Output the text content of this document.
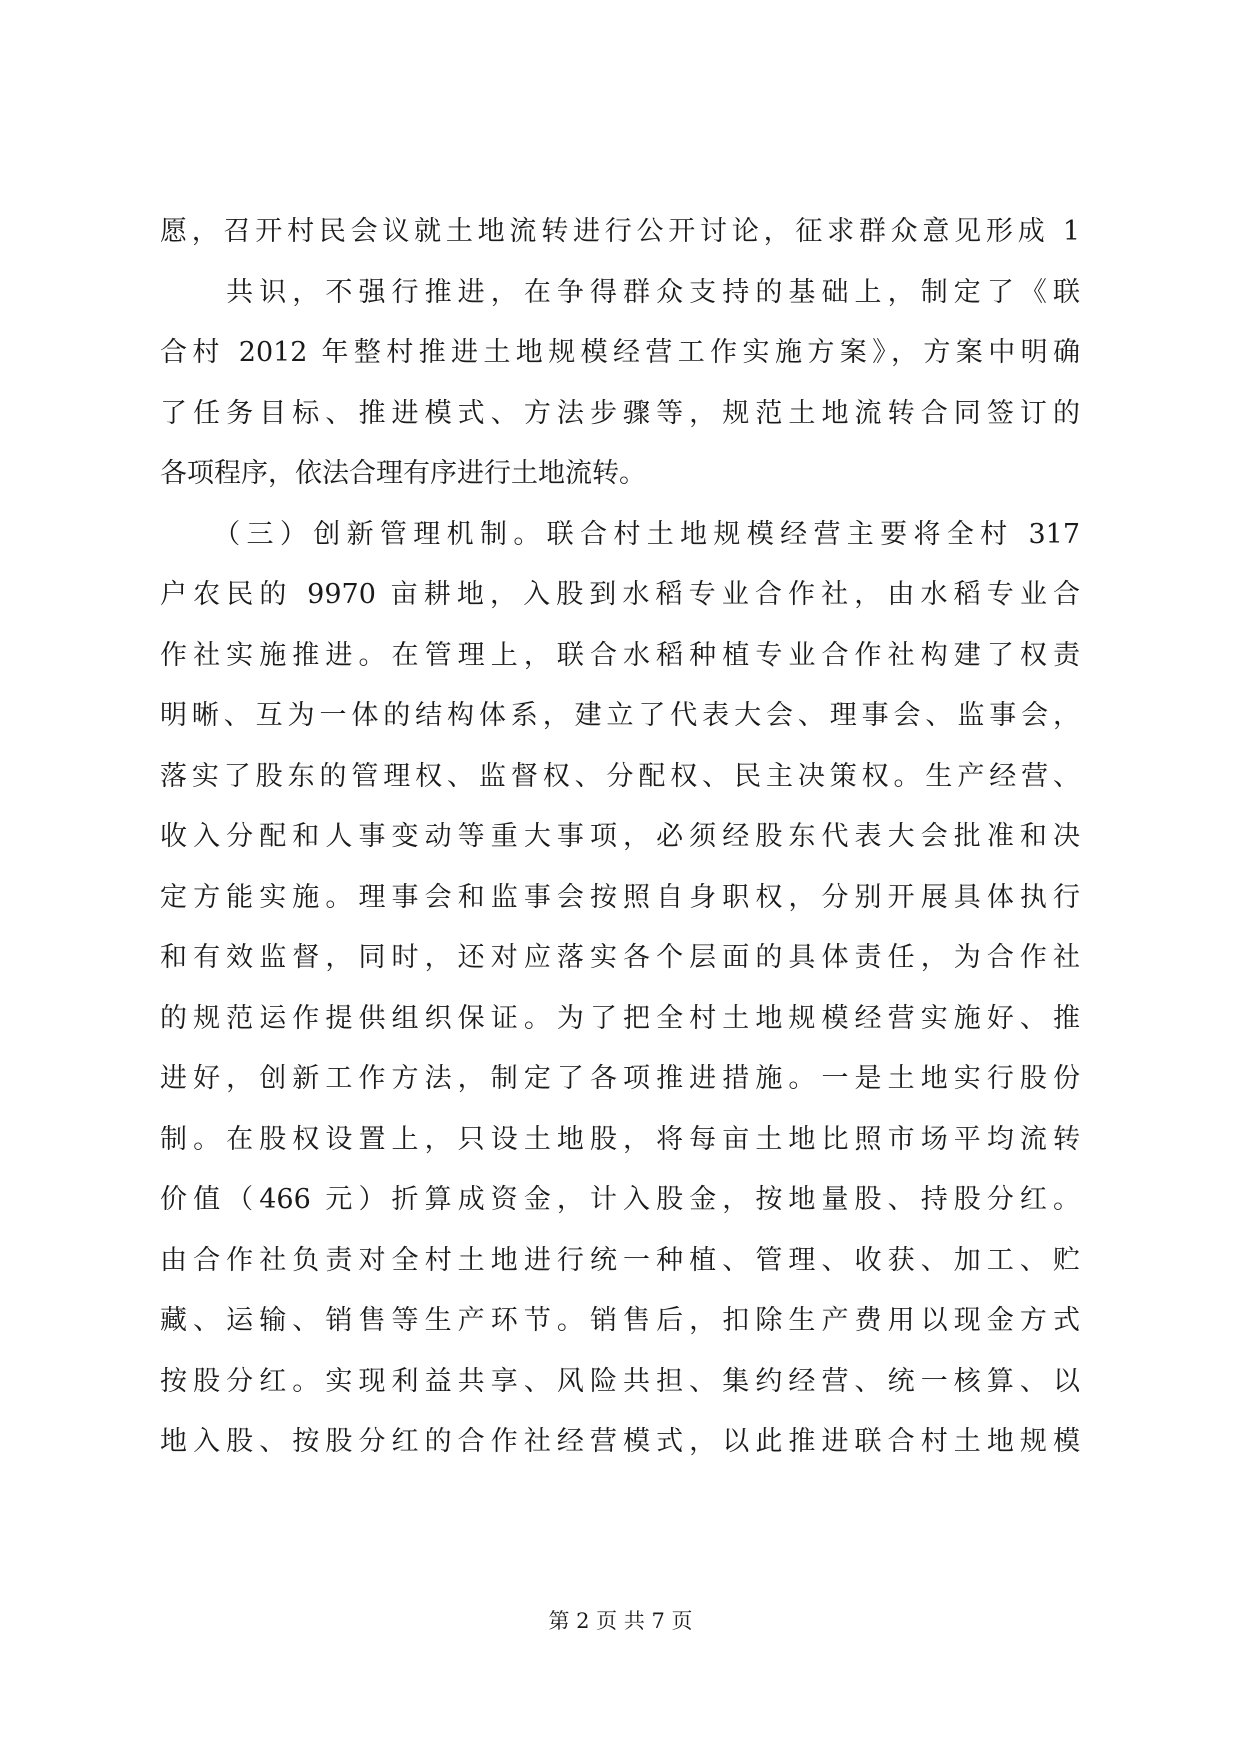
愿，召开村民会议就土地流转进行公开讨论，征求群众意见形成 1
　　共识，不强行推进，在争得群众支持的基础上，制定了《联
合村 2012 年整村推进土地规模经营工作实施方案》，方案中明确
了任务目标、推进模式、方法步骤等，规范土地流转合同签订的
各项程序，依法合理有序进行土地流转。
　　（三）创新管理机制。联合村土地规模经营主要将全村 317
户农民的 9970 亩耕地，入股到水稻专业合作社，由水稻专业合
作社实施推进。在管理上，联合水稻种植专业合作社构建了权责
明晰、互为一体的结构体系，建立了代表大会、理事会、监事会，
落实了股东的管理权、监督权、分配权、民主决策权。生产经营、
收入分配和人事变动等重大事项，必须经股东代表大会批准和决
定方能实施。理事会和监事会按照自身职权，分别开展具体执行
和有效监督，同时，还对应落实各个层面的具体责任，为合作社
的规范运作提供组织保证。为了把全村土地规模经营实施好、推
进好，创新工作方法，制定了各项推进措施。一是土地实行股份
制。在股权设置上，只设土地股，将每亩土地比照市场平均流转
价值（466 元）折算成资金，计入股金，按地量股、持股分红。
由合作社负责对全村土地进行统一种植、管理、收获、加工、贮
藏、运输、销售等生产环节。销售后，扣除生产费用以现金方式
按股分红。实现利益共享、风险共担、集约经营、统一核算、以
地入股、按股分红的合作社经营模式，以此推进联合村土地规模
第 2 页 共 7 页
